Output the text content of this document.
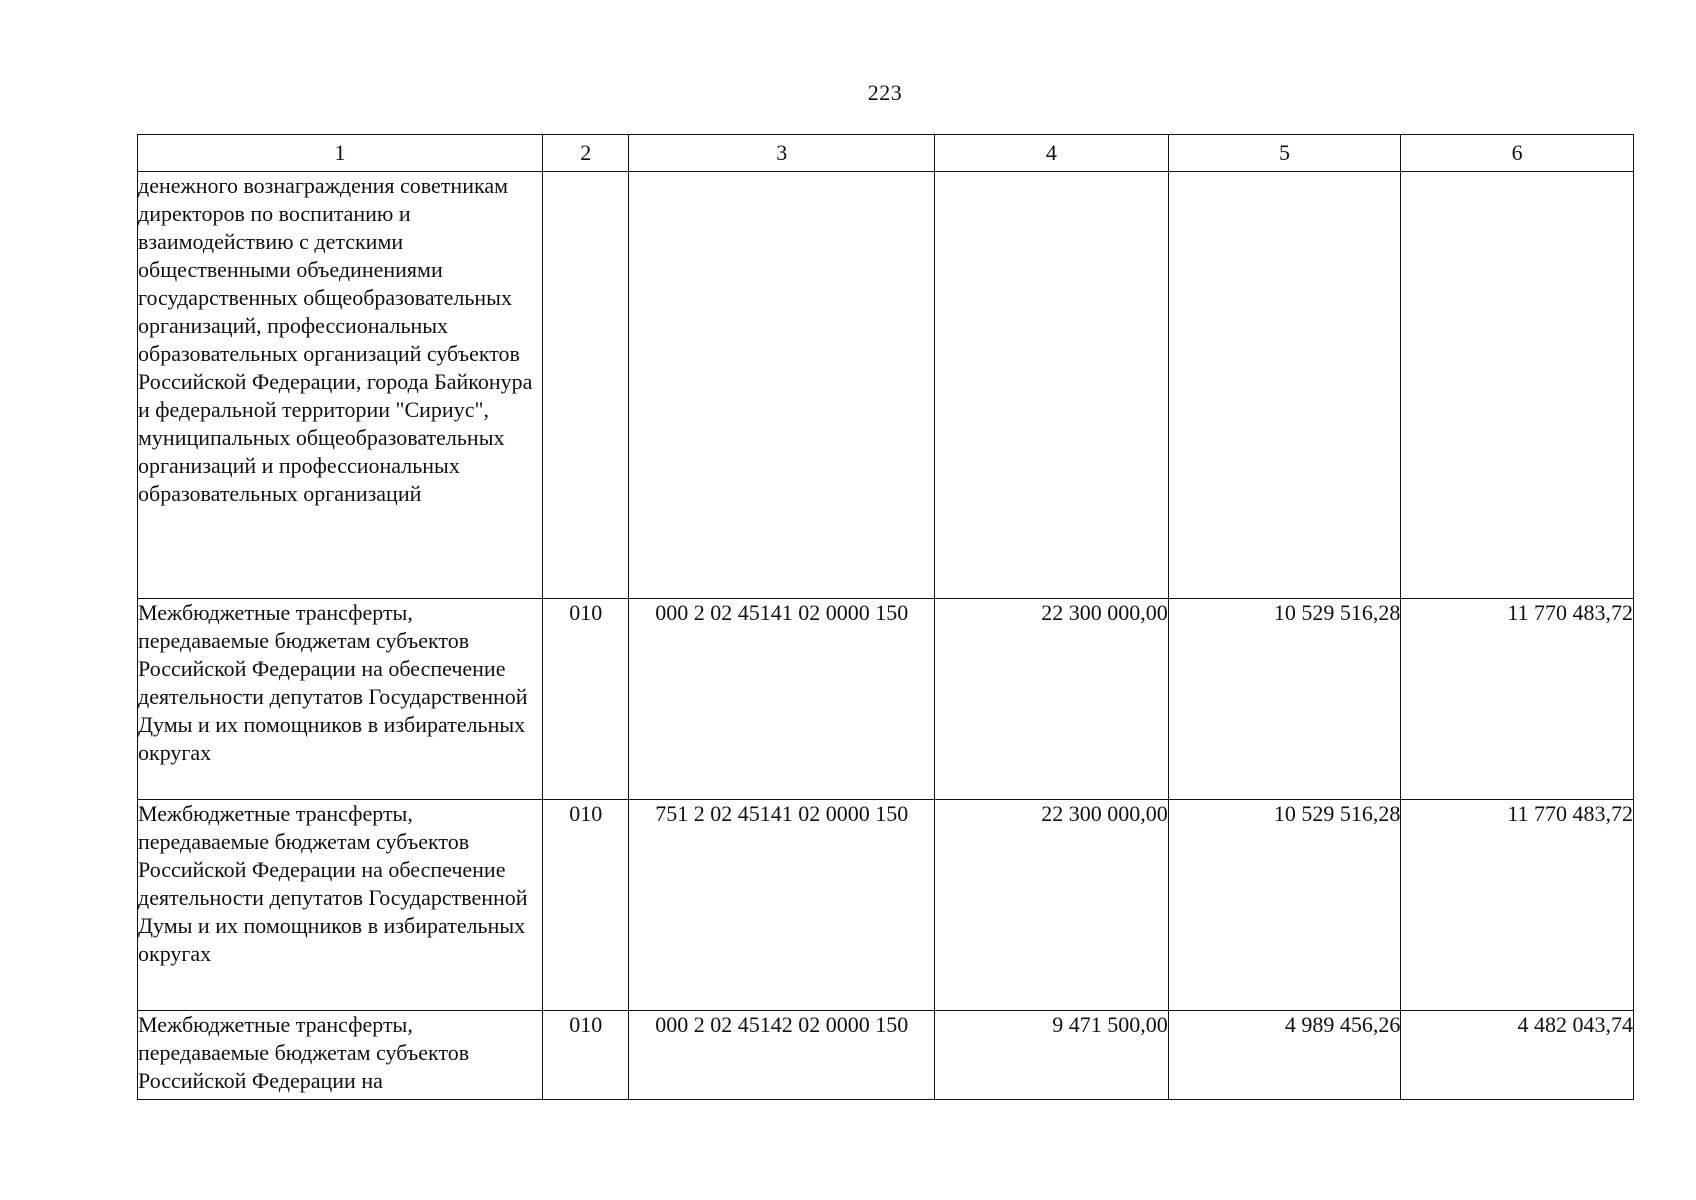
223
1	2	3	4	5	6
денежного вознаграждения советникам директоров по воспитанию и взаимодействию с детскими общественными объединениями государственных общеобразовательных организаций, профессиональных образовательных организаций субъектов Российской Федерации, города Байконура и федеральной территории "Сириус", муниципальных общеобразовательных организаций и профессиональных образовательных организаций					
Межбюджетные трансферты, передаваемые бюджетам субъектов Российской Федерации на обеспечение деятельности депутатов Государственной Думы и их помощников в избирательных округах	010	000 2 02 45141 02 0000 150	22 300 000,00	10 529 516,28	11 770 483,72
Межбюджетные трансферты, передаваемые бюджетам субъектов Российской Федерации на обеспечение деятельности депутатов Государственной Думы и их помощников в избирательных округах	010	751 2 02 45141 02 0000 150	22 300 000,00	10 529 516,28	11 770 483,72
Межбюджетные трансферты, передаваемые бюджетам субъектов Российской Федерации на	010	000 2 02 45142 02 0000 150	9 471 500,00	4 989 456,26	4 482 043,74
